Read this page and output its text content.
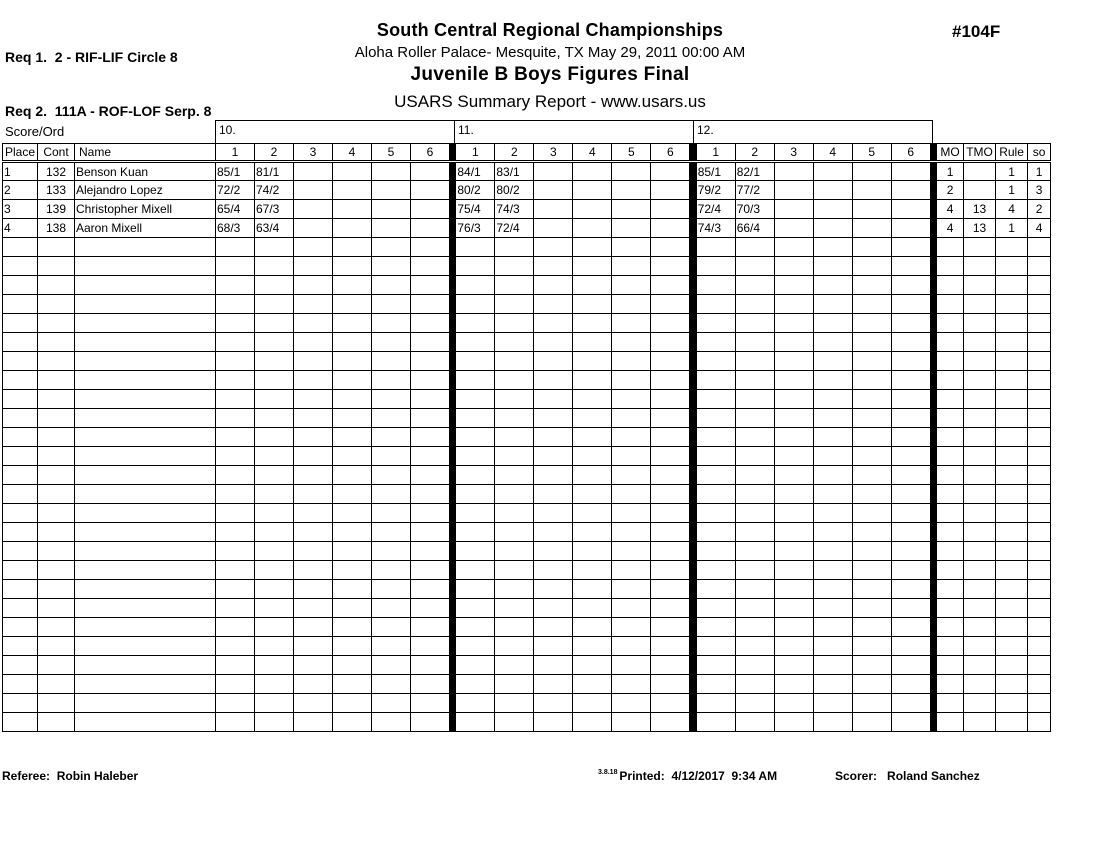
Req 1.  2 - RIF-LIF Circle 8

Req 2.  111A - ROF-LOF Serp. 8

South Central Regional Championships
Aloha Roller Palace- Mesquite, TX May 29, 2011 00:00 AM
Juvenile B Boys Figures Final
USARS Summary Report - www.usars.us
#104F
Score/Ord	10.	11.	12.
Place	Cont	Name	1	2	3	4	5	6		1	2	3	4	5	6		1	2	3	4	5	6		MO	TMO	Rule	so
1	132	Benson Kuan	85/1	81/1						84/1	83/1						85/1	82/1						1		1	1
2	133	Alejandro Lopez	72/2	74/2						80/2	80/2						79/2	77/2						2		1	3
3	139	Christopher Mixell	65/4	67/3						75/4	74/3						72/4	70/3						4	13	4	2
4	138	Aaron Mixell	68/3	63/4						76/3	72/4						74/3	66/4						4	13	1	4

Referee:  Robin Haleber	$^{3.8.18}$ Printed:  4/12/2017  9:34 AM	Scorer:   Roland Sanchez
